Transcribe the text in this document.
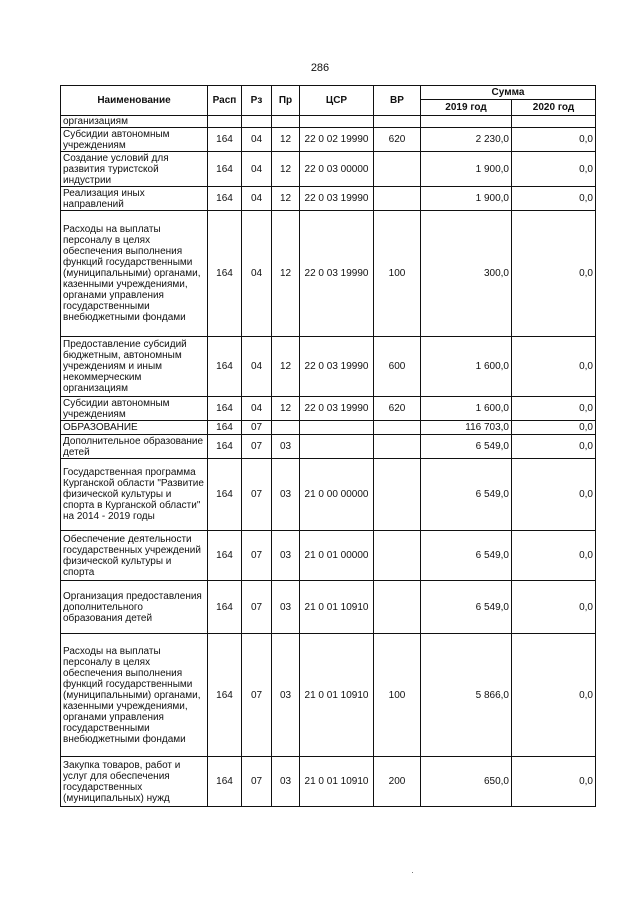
286
Наименование	Расп	Рз	Пр	ЦСР	ВР	Сумма	
						2019 год	2020 год
организациям							
Субсидии автономным учреждениям	164	04	12	22 0 02 19990	620	2 230,0	0,0
Создание условий для развития туристской индустрии	164	04	12	22 0 03 00000		1 900,0	0,0
Реализация иных направлений	164	04	12	22 0 03 19990		1 900,0	0,0
Расходы на выплаты персоналу в целях обеспечения выполнения функций государственными (муниципальными) органами, казенными учреждениями, органами управления государственными внебюджетными фондами	164	04	12	22 0 03 19990	100	300,0	0,0
Предоставление субсидий бюджетным, автономным учреждениям и иным некоммерческим организациям	164	04	12	22 0 03 19990	600	1 600,0	0,0
Субсидии автономным учреждениям	164	04	12	22 0 03 19990	620	1 600,0	0,0
ОБРАЗОВАНИЕ	164	07				116 703,0	0,0
Дополнительное образование детей	164	07	03			6 549,0	0,0
Государственная программа Курганской области "Развитие физической культуры и спорта в Курганской области" на 2014 - 2019 годы	164	07	03	21 0 00 00000		6 549,0	0,0
Обеспечение деятельности государственных учреждений физической культуры и спорта	164	07	03	21 0 01 00000		6 549,0	0,0
Организация предоставления дополнительного образования детей	164	07	03	21 0 01 10910		6 549,0	0,0
Расходы на выплаты персоналу в целях обеспечения выполнения функций государственными (муниципальными) органами, казенными учреждениями, органами управления государственными внебюджетными фондами	164	07	03	21 0 01 10910	100	5 866,0	0,0
Закупка товаров, работ и услуг для обеспечения государственных (муниципальных) нужд	164	07	03	21 0 01 10910	200	650,0	0,0
